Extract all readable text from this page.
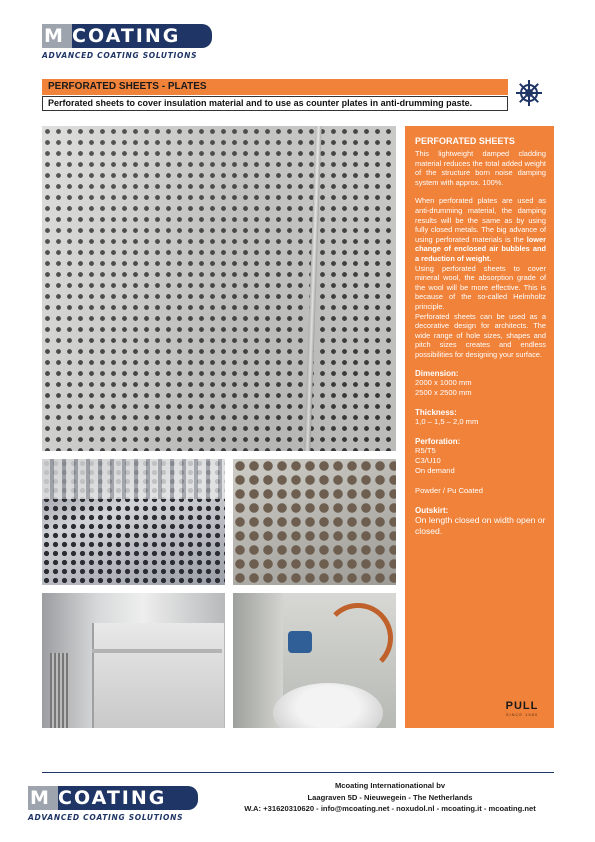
M COATING
ADVANCED COATING SOLUTIONS
PERFORATED SHEETS - PLATES
Perforated sheets to cover insulation material and to use as counter plates in anti-drumming paste.
PERFORATED SHEETS

This lightweight damped cladding material reduces the total added weight of the structure born noise damping system with approx. 100%.

When perforated plates are used as anti-drumming material, the damping results will be the same as by using fully closed metals. The big advance of using perforated materials is the lower change of enclosed air bubbles and a reduction of weight.

Using perforated sheets to cover mineral wool, the absorption grade of the wool will be more effective. This is because of the so-called Helmholtz principle.

Perforated sheets can be used as a decorative design for architects. The wide range of hole sizes, shapes and pitch sizes creates and endless possibilities for designing your surface.

Dimension:
2000 x 1000 mm
2500 x 2500 mm
Thickness:
1,0 – 1,5 – 2,0 mm
Perforation:
R5/T5
C3/U10
On demand
Powder / Pu Coated
Outskirt:
On length closed on width open or closed.
PULL
SINCE 1980
M COATING
ADVANCED COATING SOLUTIONS
Mcoating Internationational bv
Laagraven 5D - Nieuwegein - The Netherlands
W.A: +31620310620 - info@mcoating.net - noxudol.nl - mcoating.it - mcoating.net
